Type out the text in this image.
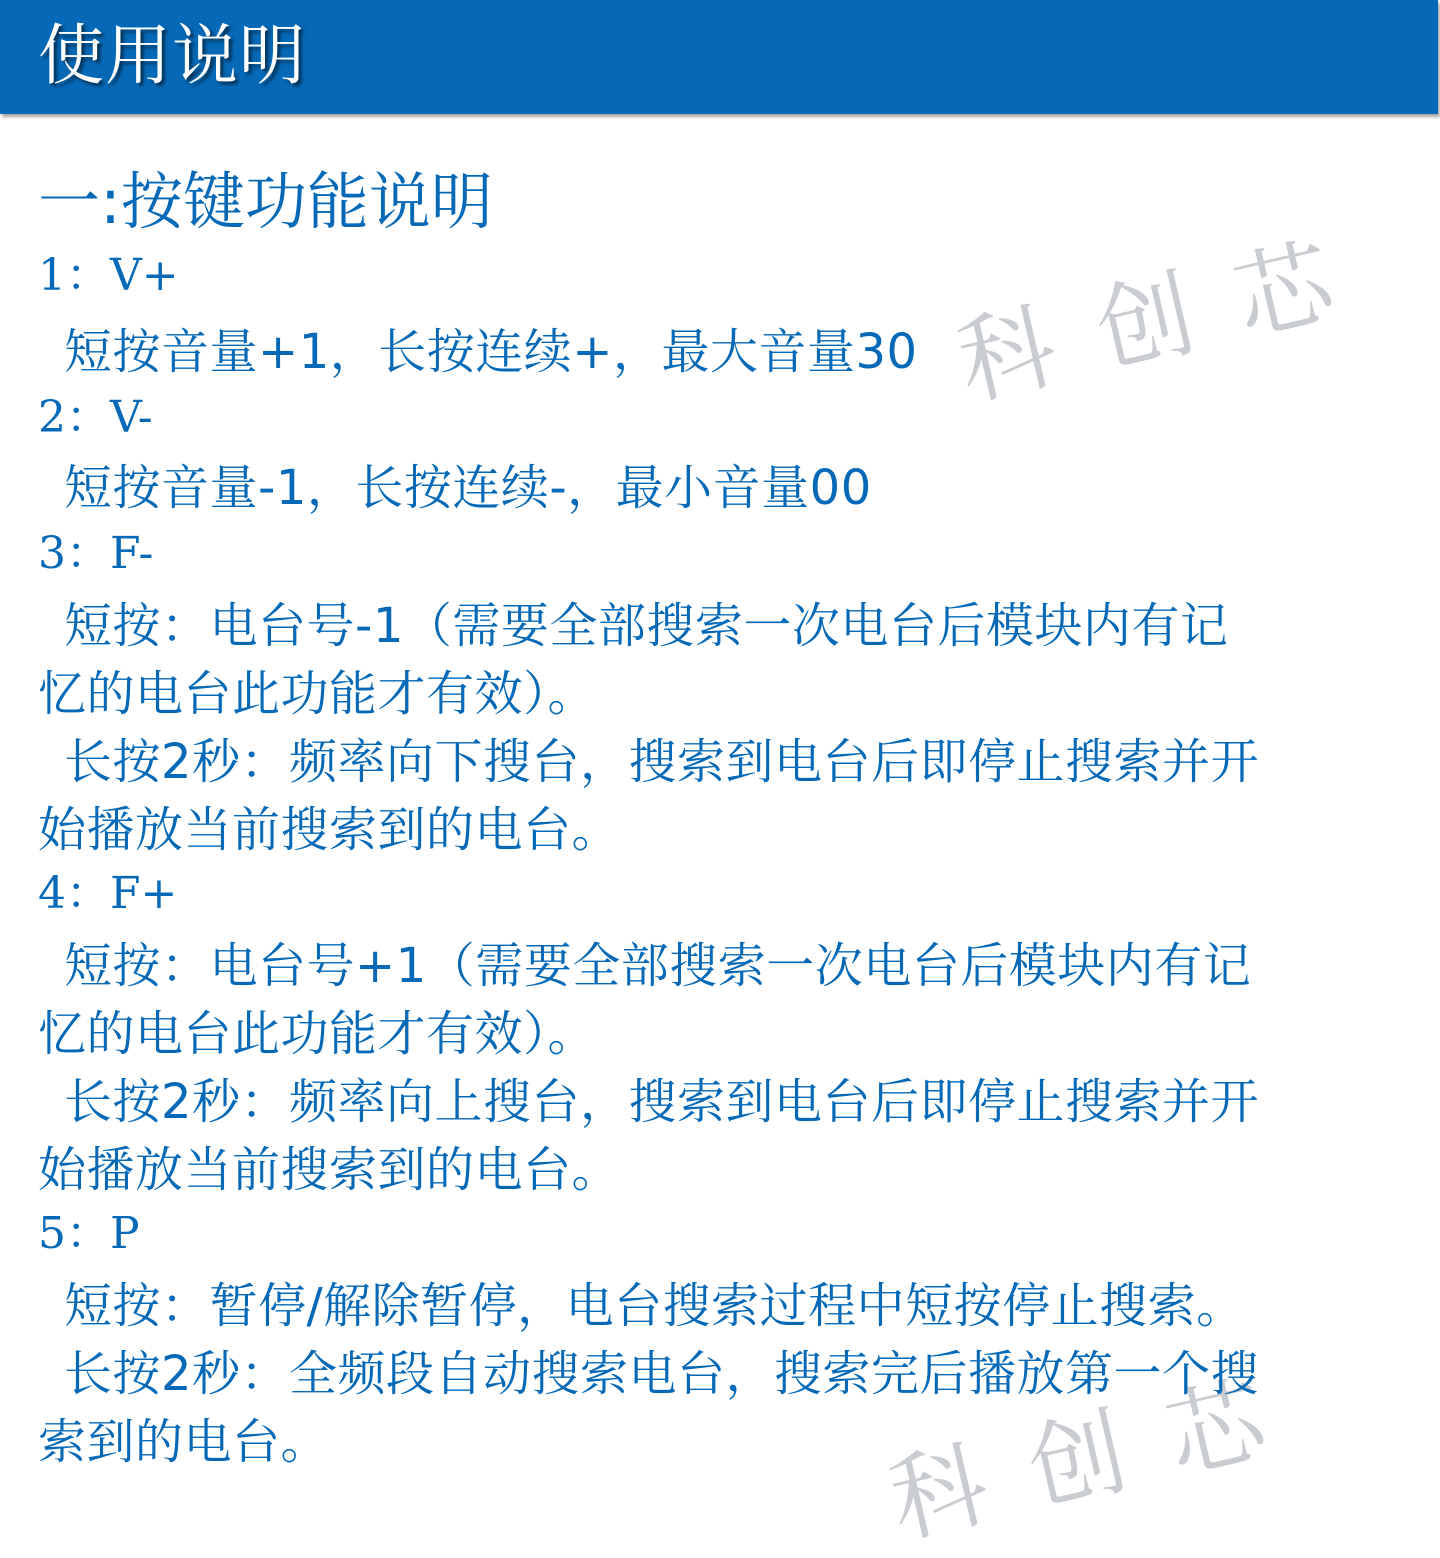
使用说明
科创芯
科创芯
一:按键功能说明
1：V+
短按音量+1，长按连续+，最大音量30
2：V-
短按音量-1，长按连续-，最小音量00
3：F-
短按：电台号-1（需要全部搜索一次电台后模块内有记
忆的电台此功能才有效）。
长按2秒：频率向下搜台，搜索到电台后即停止搜索并开
始播放当前搜索到的电台。
4：F+
短按：电台号+1（需要全部搜索一次电台后模块内有记
忆的电台此功能才有效）。
长按2秒：频率向上搜台，搜索到电台后即停止搜索并开
始播放当前搜索到的电台。
5：P
短按：暂停/解除暂停，电台搜索过程中短按停止搜索。
长按2秒：全频段自动搜索电台，搜索完后播放第一个搜
索到的电台。
